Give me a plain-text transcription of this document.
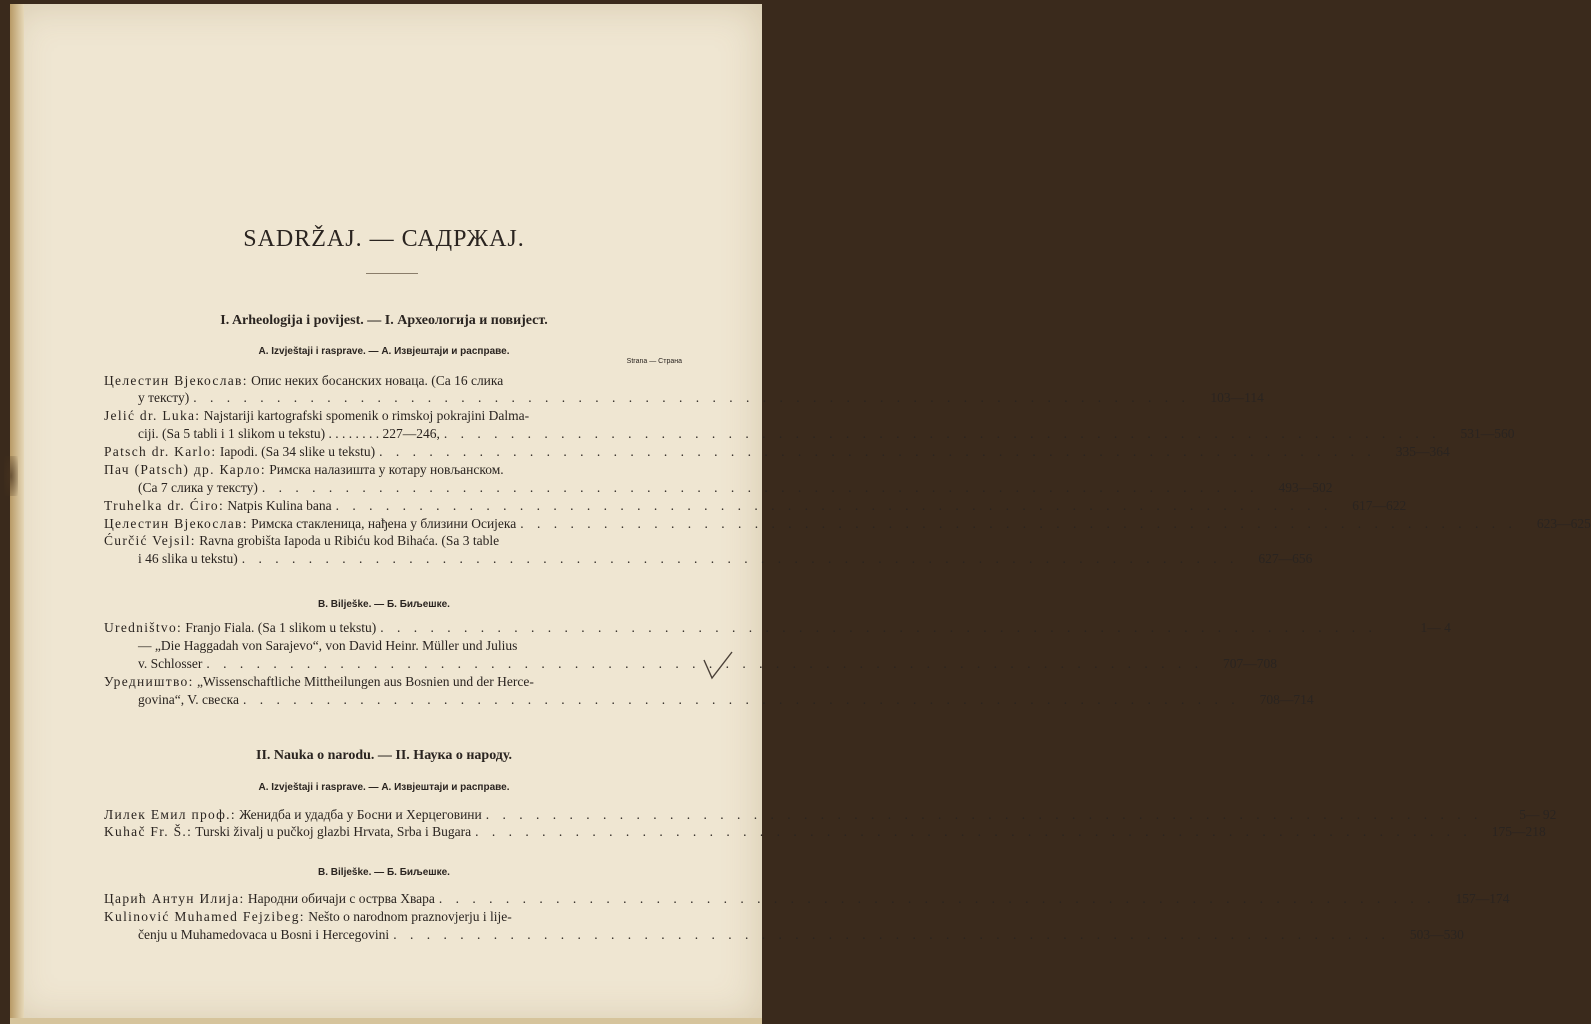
SADRŽAJ. — САДРЖАЈ.
I. Arheologija i povijest. — I. Археологија и повијест.
A. Izvještaji i rasprave. — А. Извјештаји и расправе.
Strana — Страна
Целестин Вјекослав: Опис неких босанских новаца. (Са 16 слика
у тексту) . . . . . . . . . . . . . . . . . . . . . . . . . . . . . . . . . . . . . . . . . . . . . . . . . . . . . . . . . . . .	103—114
Jelić dr. Luka: Najstariji kartografski spomenik o rimskoj pokrajini Dalma-
ciji. (Sa 5 tabli i 1 slikom u tekstu) . . . . . . . . 227—246, . . . . . . . . . . . . . . . . . . . . . . . . . . . . . . . . . . . . . . . . . . . . . . . . . . . . . . . . . . . .	531—560
Patsch dr. Karlo: Iapodi. (Sa 34 slike u tekstu) . . . . . . . . . . . . . . . . . . . . . . . . . . . . . . . . . . . . . . . . . . . . . . . . . . . . . . . . . . . .	335—364
Пач (Patsch) др. Карло: Римска налазишта у котару новљанском.
(Са 7 слика у тексту) . . . . . . . . . . . . . . . . . . . . . . . . . . . . . . . . . . . . . . . . . . . . . . . . . . . . . . . . . . . .	493—502
Truhelka dr. Ćiro: Natpis Kulina bana . . . . . . . . . . . . . . . . . . . . . . . . . . . . . . . . . . . . . . . . . . . . . . . . . . . . . . . . . . . .	617—622
Целестин Вјекослав: Римска стакленица, нађена у близини Осијека . . . . . . . . . . . . . . . . . . . . . . . . . . . . . . . . . . . . . . . . . . . . . . . . . . . . . . . . . . . .	623—625
Ćurčić Vejsil: Ravna grobišta Iapoda u Ribiću kod Bihaća. (Sa 3 table
i 46 slika u tekstu) . . . . . . . . . . . . . . . . . . . . . . . . . . . . . . . . . . . . . . . . . . . . . . . . . . . . . . . . . . . .	627—656
B. Bilješke. — Б. Биљешке.
Uredništvo: Franjo Fiala. (Sa 1 slikom u tekstu) . . . . . . . . . . . . . . . . . . . . . . . . . . . . . . . . . . . . . . . . . . . . . . . . . . . . . . . . . . . .	1— 4
— „Die Haggadah von Sarajevo“, von David Heinr. Müller und Julius
v. Schlosser . . . . . . . . . . . . . . . . . . . . . . . . . . . . . . . . . . . . . . . . . . . . . . . . . . . . . . . . . . . .	707—708
Уредништво: „Wissenschaftliche Mittheilungen aus Bosnien und der Herce-
govina“, V. свеска . . . . . . . . . . . . . . . . . . . . . . . . . . . . . . . . . . . . . . . . . . . . . . . . . . . . . . . . . . . .	708—714
II. Nauka o narodu. — II. Наука о народу.
A. Izvještaji i rasprave. — А. Извјештаји и расправе.
Лилек Емил проф.: Женидба и удадба у Босни и Херцеговини . . . . . . . . . . . . . . . . . . . . . . . . . . . . . . . . . . . . . . . . . . . . . . . . . . . . . . . . . . . .	5— 92
Kuhač Fr. Š.: Turski živalj u pučkoj glazbi Hrvata, Srba i Bugara . . . . . . . . . . . . . . . . . . . . . . . . . . . . . . . . . . . . . . . . . . . . . . . . . . . . . . . . . . . .	175—218
B. Bilješke. — Б. Биљешке.
Царић Антун Илија: Народни обичаји с острва Хвара . . . . . . . . . . . . . . . . . . . . . . . . . . . . . . . . . . . . . . . . . . . . . . . . . . . . . . . . . . . .	157—174
Kulinović Muhamed Fejzibeg: Nešto o narodnom praznovjerju i lije-
čenju u Muhamedovaca u Bosni i Hercegovini . . . . . . . . . . . . . . . . . . . . . . . . . . . . . . . . . . . . . . . . . . . . . . . . . . . . . . . . . . . .	503—530
